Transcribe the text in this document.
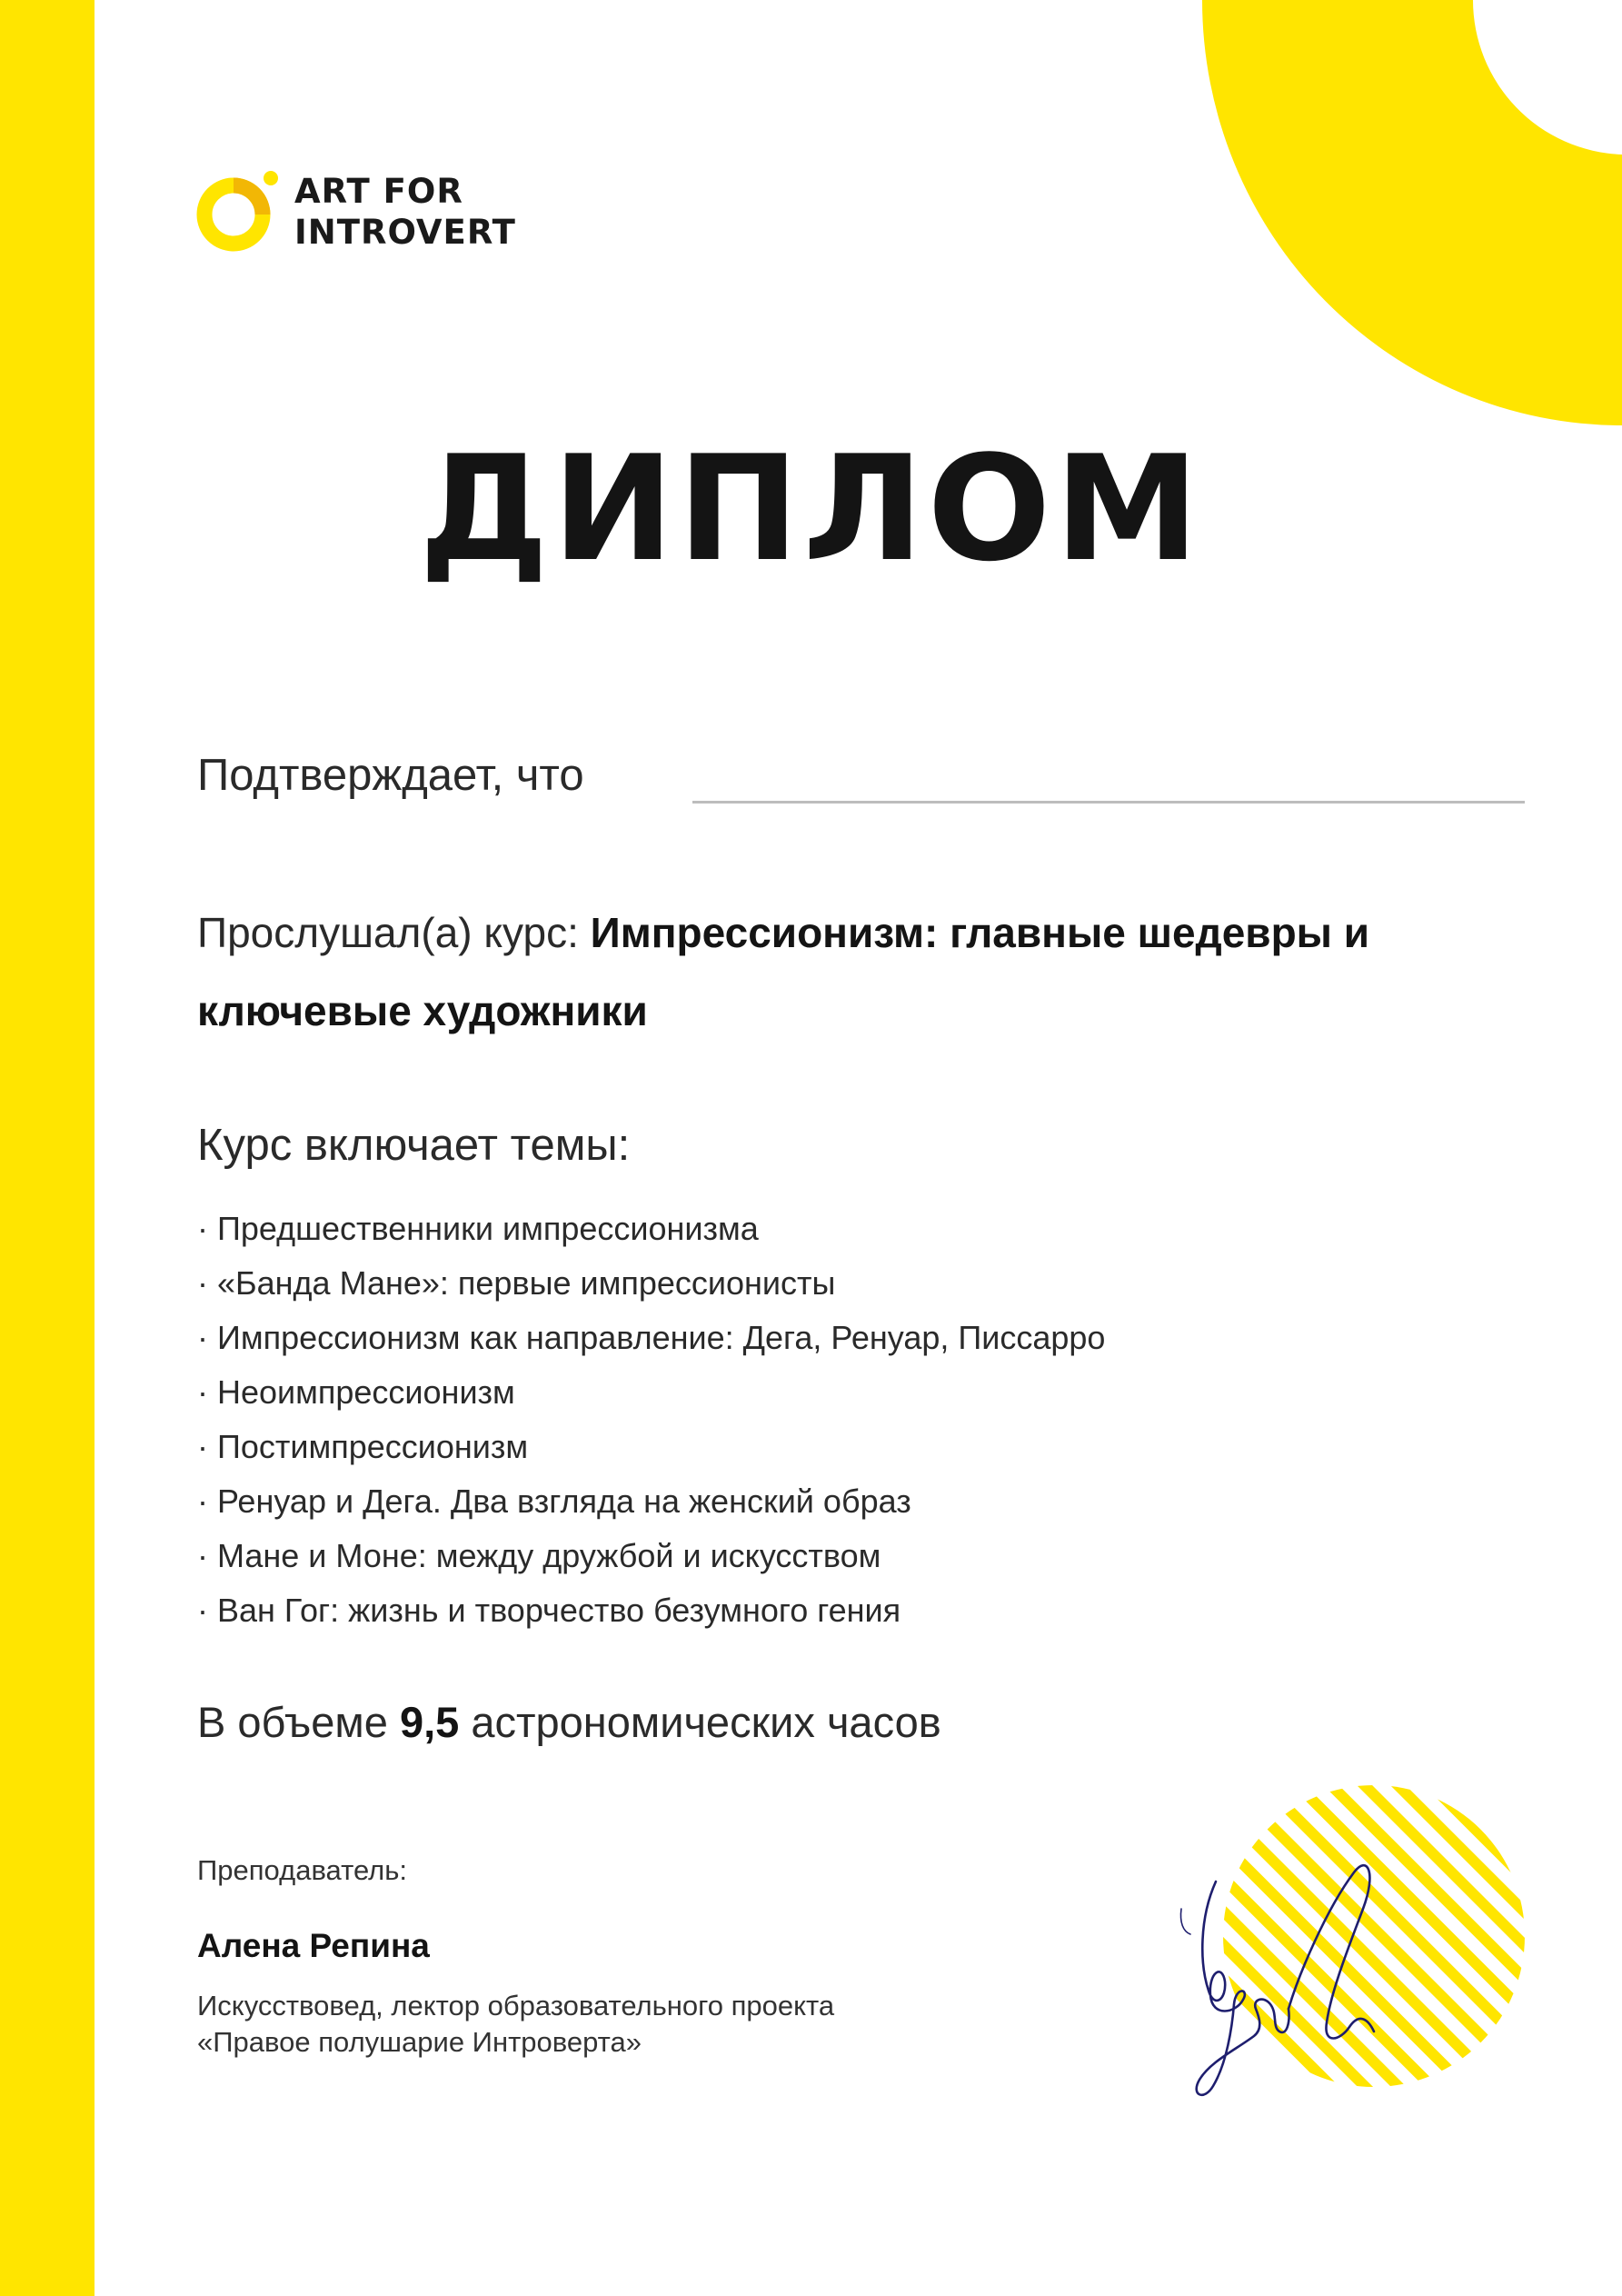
ART FOR
INTROVERT
ДИПЛОМ
Подтверждает, что
Прослушал(а) курс: Импрессионизм: главные шедевры и ключевые художники
Курс включает темы:
· Предшественники импрессионизма
· «Банда Мане»: первые импрессионисты
· Импрессионизм как направление: Дега, Ренуар, Писсарро
· Неоимпрессионизм
· Постимпрессионизм
· Ренуар и Дега. Два взгляда на женский образ
· Мане и Моне: между дружбой и искусством
· Ван Гог: жизнь и творчество безумного гения
В объеме 9,5 астрономических часов
Преподаватель:
Алена Репина
Искусствовед, лектор образовательного проекта
«Правое полушарие Интроверта»
